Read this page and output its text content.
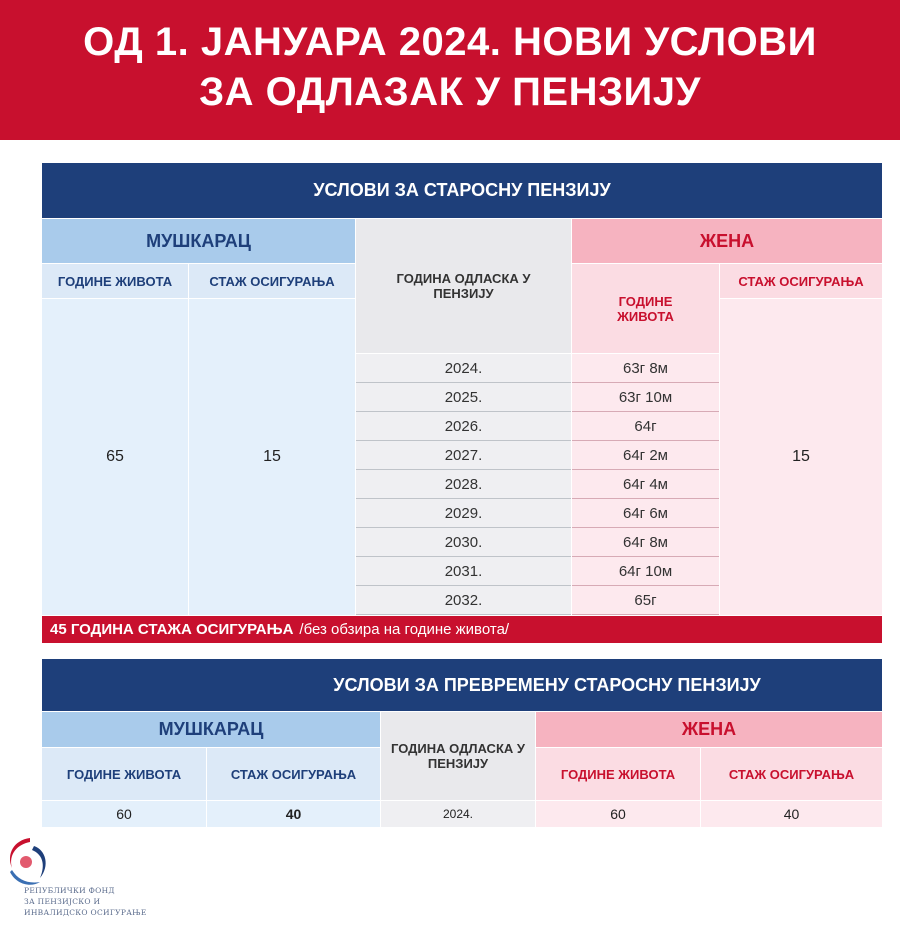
ОД 1. ЈАНУАРА 2024. НОВИ УСЛОВИ
ЗА ОДЛАЗАК У ПЕНЗИЈУ
УСЛОВИ ЗА СТАРОСНУ ПЕНЗИЈУ
МУШКАРАЦ
ГОДИНА ОДЛАСКА У ПЕНЗИЈУ
ЖЕНА
ГОДИНЕ ЖИВОТА	СТАЖ ОСИГУРАЊА
ГОДИНЕ ЖИВОТА
СТАЖ ОСИГУРАЊА
65	15	15
2024.	63г 8м
2025.	63г 10м
2026.	64г
2027.	64г 2м
2028.	64г 4м
2029.	64г 6м
2030.	64г 8м
2031.	64г 10м
2032.	65г
45 ГОДИНА СТАЖА ОСИГУРАЊА /без обзира на године живота/
УСЛОВИ ЗА ПРЕВРЕМЕНУ СТАРОСНУ ПЕНЗИЈУ
МУШКАРАЦ
ГОДИНА ОДЛАСКА У ПЕНЗИЈУ
ЖЕНА
ГОДИНЕ ЖИВОТА	СТАЖ ОСИГУРАЊА	ГОДИНЕ ЖИВОТА	СТАЖ ОСИГУРАЊА
60	40	2024.	60	40
РЕПУБЛИЧКИ ФОНД
ЗА ПЕНЗИЈСКО И
ИНВАЛИДСКО ОСИГУРАЊЕ
